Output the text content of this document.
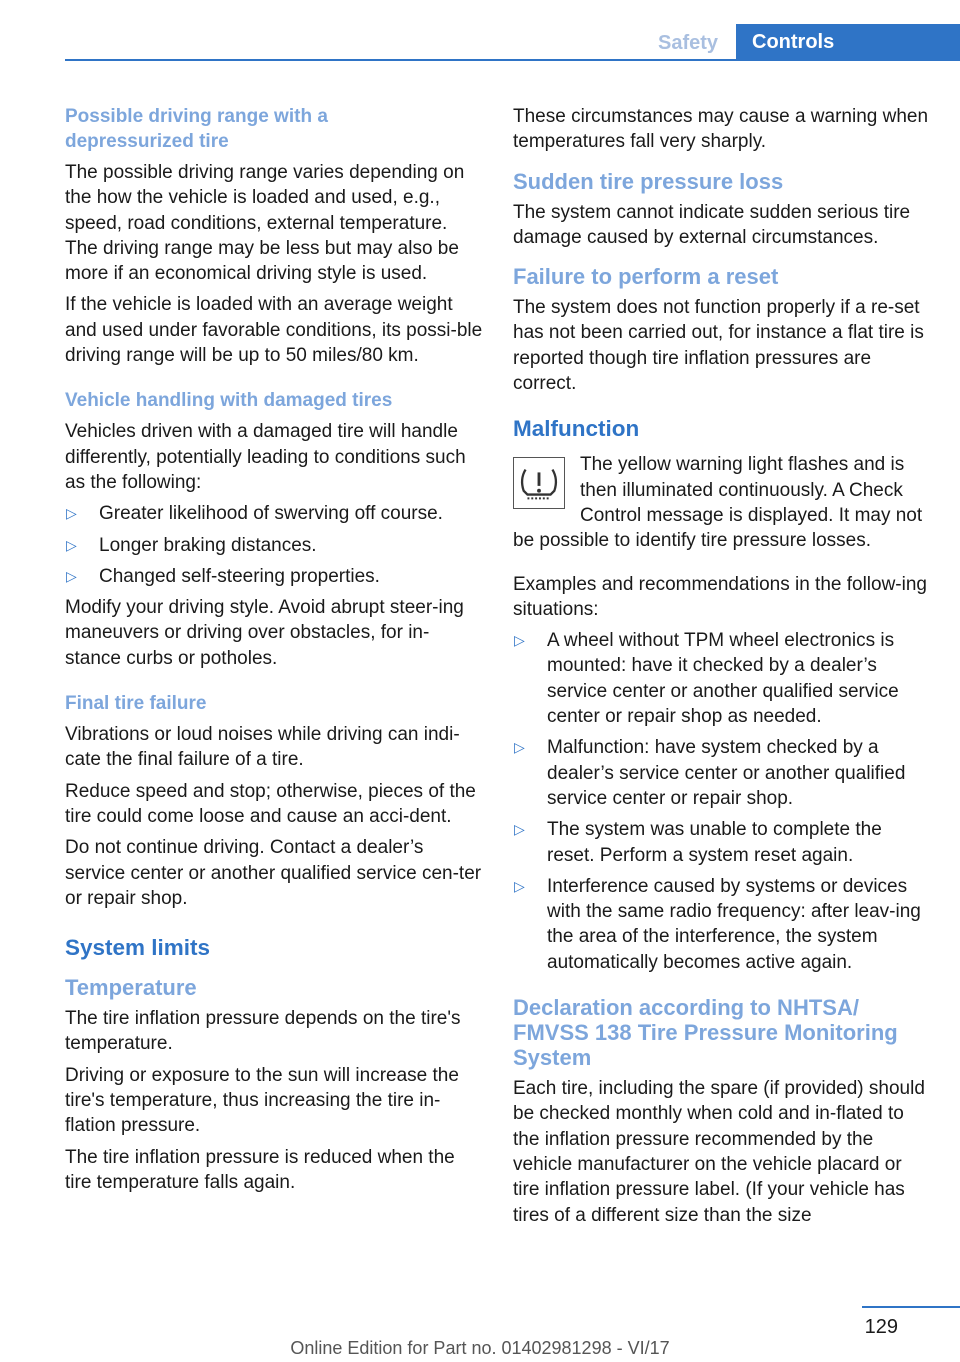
Safety	Controls
Possible driving range with a depressurized tire

The possible driving range varies depending on the how the vehicle is loaded and used, e.g., speed, road conditions, external temperature. The driving range may be less but may also be more if an economical driving style is used.

If the vehicle is loaded with an average weight and used under favorable conditions, its possi-ble driving range will be up to 50 miles/80 km.

Vehicle handling with damaged tires

Vehicles driven with a damaged tire will handle differently, potentially leading to conditions such as the following:

▷ Greater likelihood of swerving off course.
▷ Longer braking distances.
▷ Changed self-steering properties.

Modify your driving style. Avoid abrupt steer-ing maneuvers or driving over obstacles, for in-stance curbs or potholes.

Final tire failure

Vibrations or loud noises while driving can indi-cate the final failure of a tire.

Reduce speed and stop; otherwise, pieces of the tire could come loose and cause an acci-dent.

Do not continue driving. Contact a dealer’s service center or another qualified service cen-ter or repair shop.

System limits
Temperature

The tire inflation pressure depends on the tire's temperature.

Driving or exposure to the sun will increase the tire's temperature, thus increasing the tire in-flation pressure.

The tire inflation pressure is reduced when the tire temperature falls again.

These circumstances may cause a warning when temperatures fall very sharply.

Sudden tire pressure loss

The system cannot indicate sudden serious tire damage caused by external circumstances.

Failure to perform a reset

The system does not function properly if a re-set has not been carried out, for instance a flat tire is reported though tire inflation pressures are correct.

Malfunction

The yellow warning light flashes and is then illuminated continuously. A Check Control message is displayed. It may not be possible to identify tire pressure losses.

Examples and recommendations in the follow-ing situations:

▷ A wheel without TPM wheel electronics is mounted: have it checked by a dealer’s service center or another qualified service center or repair shop as needed.
▷ Malfunction: have system checked by a dealer’s service center or another qualified service center or repair shop.
▷ The system was unable to complete the reset. Perform a system reset again.
▷ Interference caused by systems or devices with the same radio frequency: after leav-ing the area of the interference, the system automatically becomes active again.
Declaration according to NHTSA/ FMVSS 138 Tire Pressure Monitoring System

Each tire, including the spare (if provided) should be checked monthly when cold and in-flated to the inflation pressure recommended by the vehicle manufacturer on the vehicle placard or tire inflation pressure label. (If your vehicle has tires of a different size than the size

129
Online Edition for Part no. 01402981298 - VI/17
